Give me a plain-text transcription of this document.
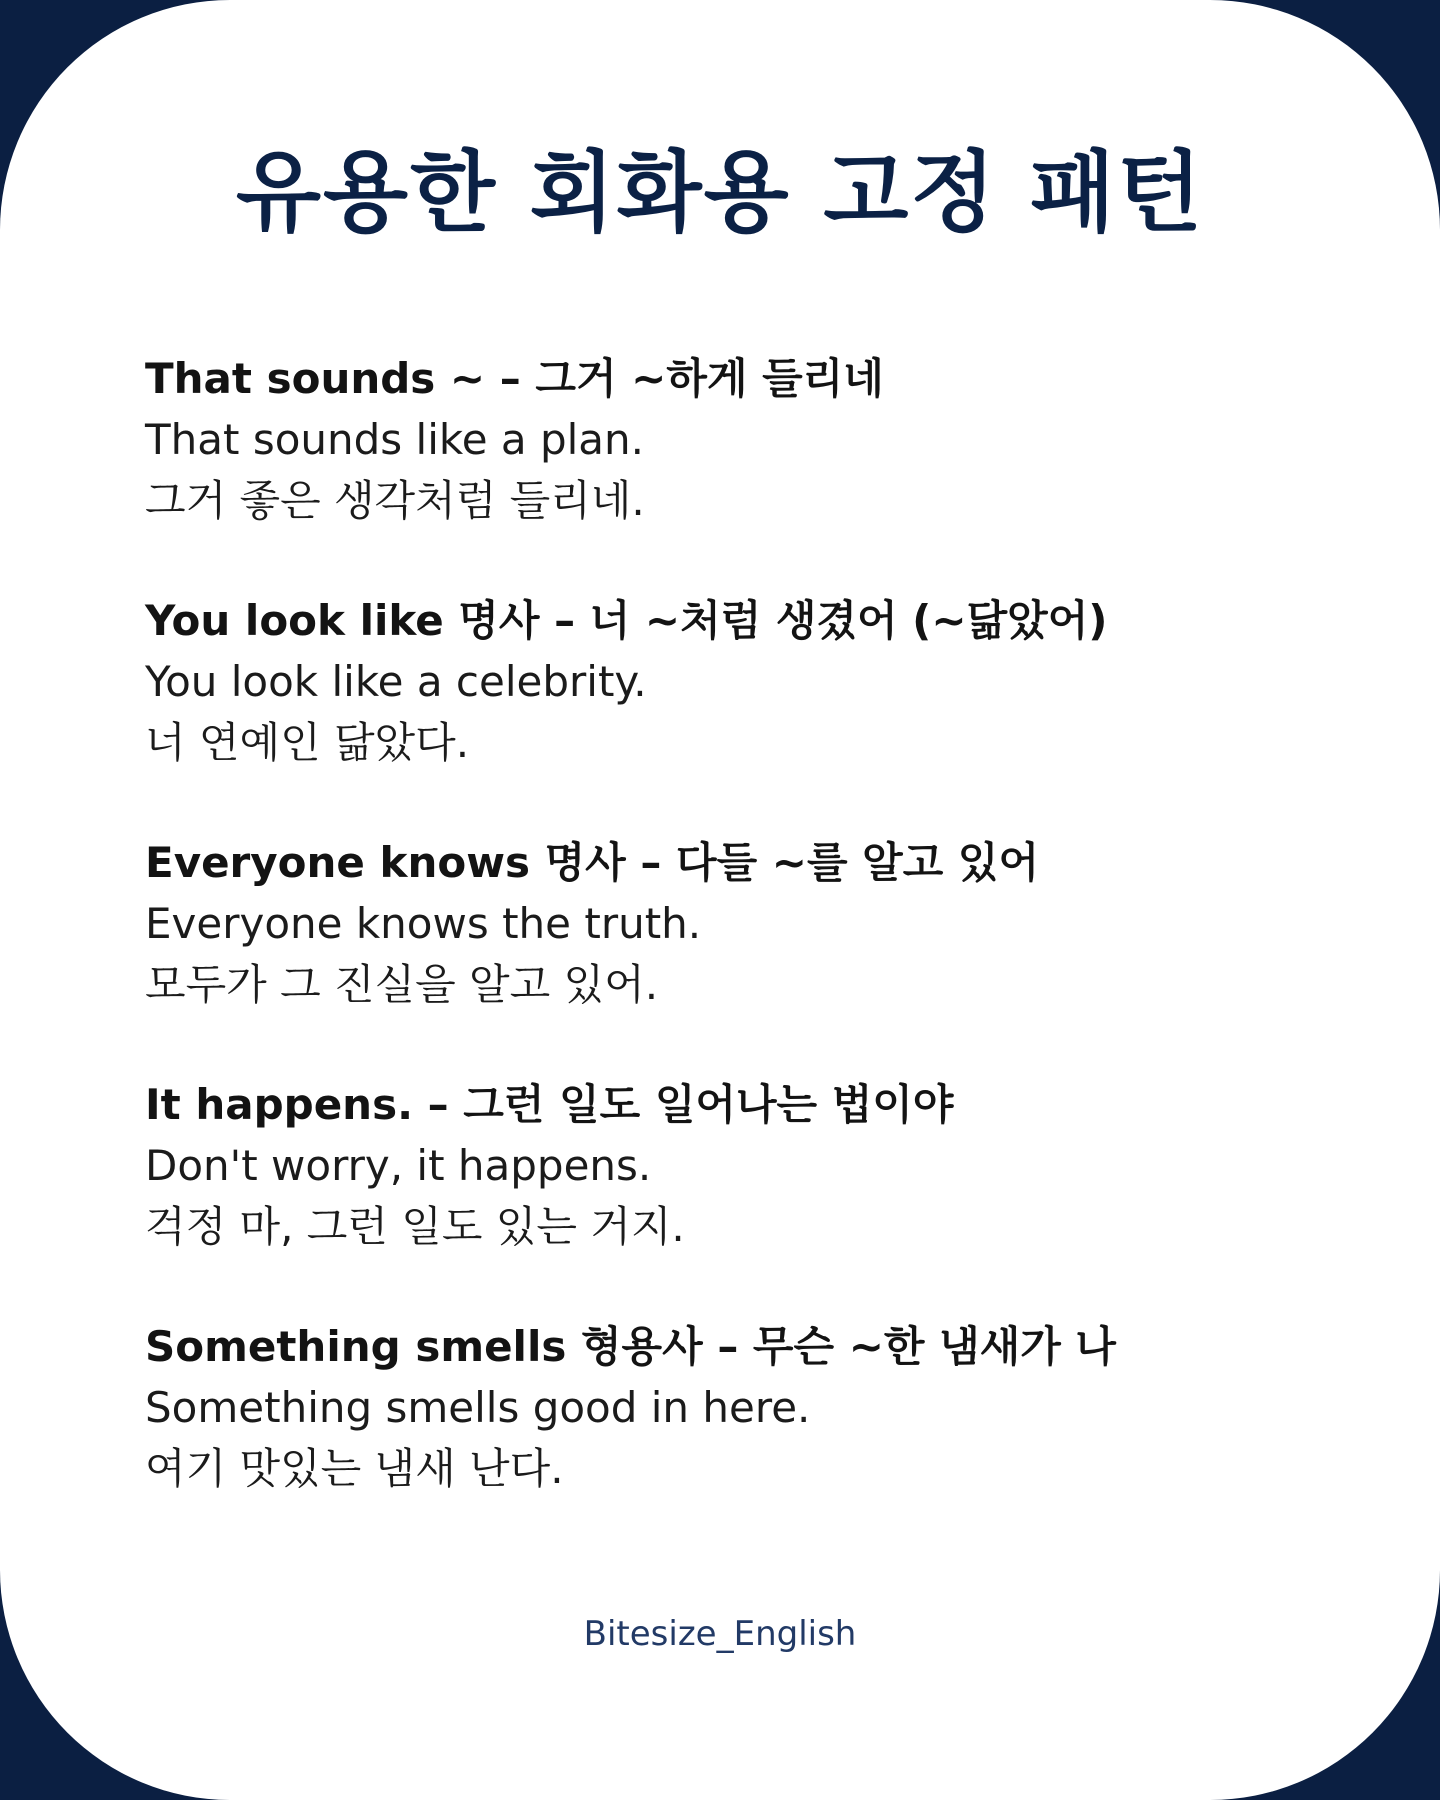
유용한 회화용 고정 패턴
That sounds ~ – 그거 ~하게 들리네
That sounds like a plan.
그거 좋은 생각처럼 들리네.
You look like 명사 – 너 ~처럼 생겼어 (~닮았어)
You look like a celebrity.
너 연예인 닮았다.
Everyone knows 명사 – 다들 ~를 알고 있어
Everyone knows the truth.
모두가 그 진실을 알고 있어.
It happens. – 그런 일도 일어나는 법이야
Don't worry, it happens.
걱정 마, 그런 일도 있는 거지.
Something smells 형용사 – 무슨 ~한 냄새가 나
Something smells good in here.
여기 맛있는 냄새 난다.
Bitesize_English
